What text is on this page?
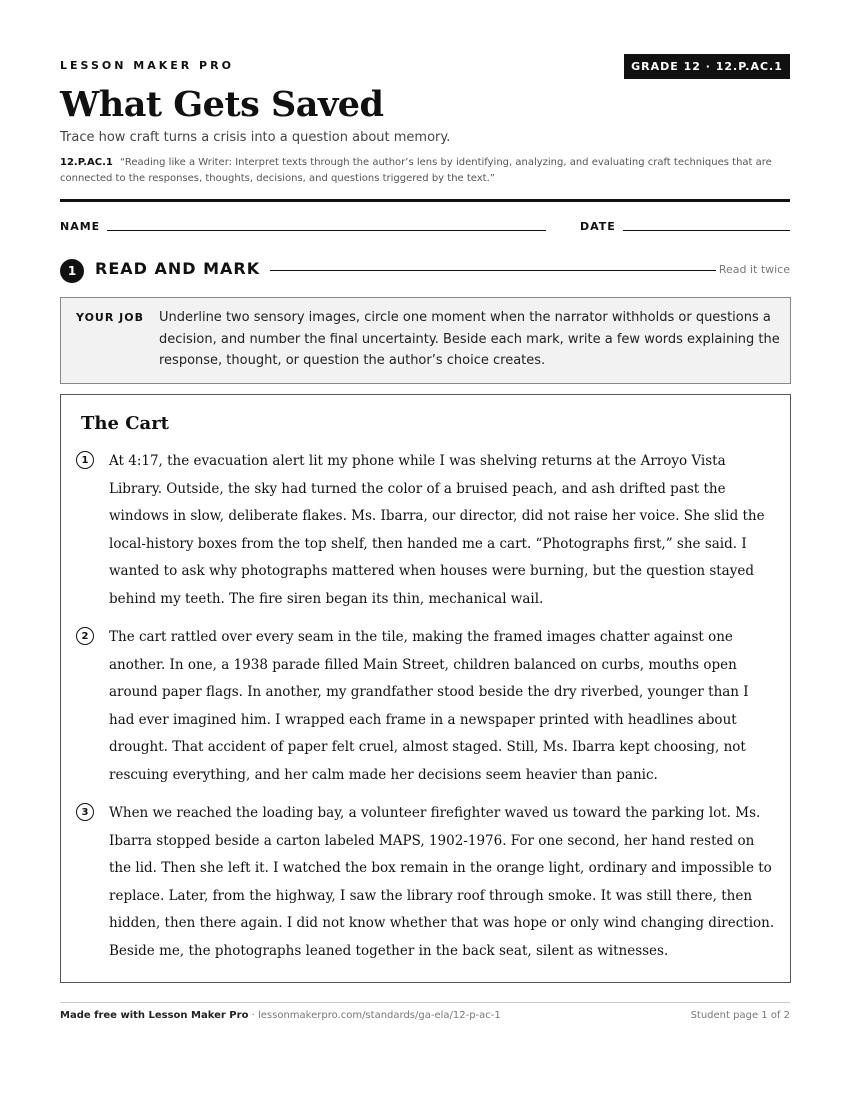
LESSON MAKER PRO	GRADE 12 · 12.P.AC.1
What Gets Saved
Trace how craft turns a crisis into a question about memory.
12.P.AC.1 “Reading like a Writer: Interpret texts through the author’s lens by identifying, analyzing, and evaluating craft techniques that are connected to the responses, thoughts, decisions, and questions triggered by the text.”
NAME	DATE
1	READ AND MARK	Read it twice
YOUR JOB Underline two sensory images, circle one moment when the narrator withholds or questions a decision, and number the final uncertainty. Beside each mark, write a few words explaining the response, thought, or question the author’s choice creates.
The Cart
1	At 4:17, the evacuation alert lit my phone while I was shelving returns at the Arroyo Vista Library. Outside, the sky had turned the color of a bruised peach, and ash drifted past the windows in slow, deliberate flakes. Ms. Ibarra, our director, did not raise her voice. She slid the local-history boxes from the top shelf, then handed me a cart. “Photographs first,” she said. I wanted to ask why photographs mattered when houses were burning, but the question stayed behind my teeth. The fire siren began its thin, mechanical wail.

2	The cart rattled over every seam in the tile, making the framed images chatter against one another. In one, a 1938 parade filled Main Street, children balanced on curbs, mouths open around paper flags. In another, my grandfather stood beside the dry riverbed, younger than I had ever imagined him. I wrapped each frame in a newspaper printed with headlines about drought. That accident of paper felt cruel, almost staged. Still, Ms. Ibarra kept choosing, not rescuing everything, and her calm made her decisions seem heavier than panic.

3	When we reached the loading bay, a volunteer firefighter waved us toward the parking lot. Ms. Ibarra stopped beside a carton labeled MAPS, 1902-1976. For one second, her hand rested on the lid. Then she left it. I watched the box remain in the orange light, ordinary and impossible to replace. Later, from the highway, I saw the library roof through smoke. It was still there, then hidden, then there again. I did not know whether that was hope or only wind changing direction. Beside me, the photographs leaned together in the back seat, silent as witnesses.

Made free with Lesson Maker Pro · lessonmakerpro.com/standards/ga-ela/12-p-ac-1	Student page 1 of 2
